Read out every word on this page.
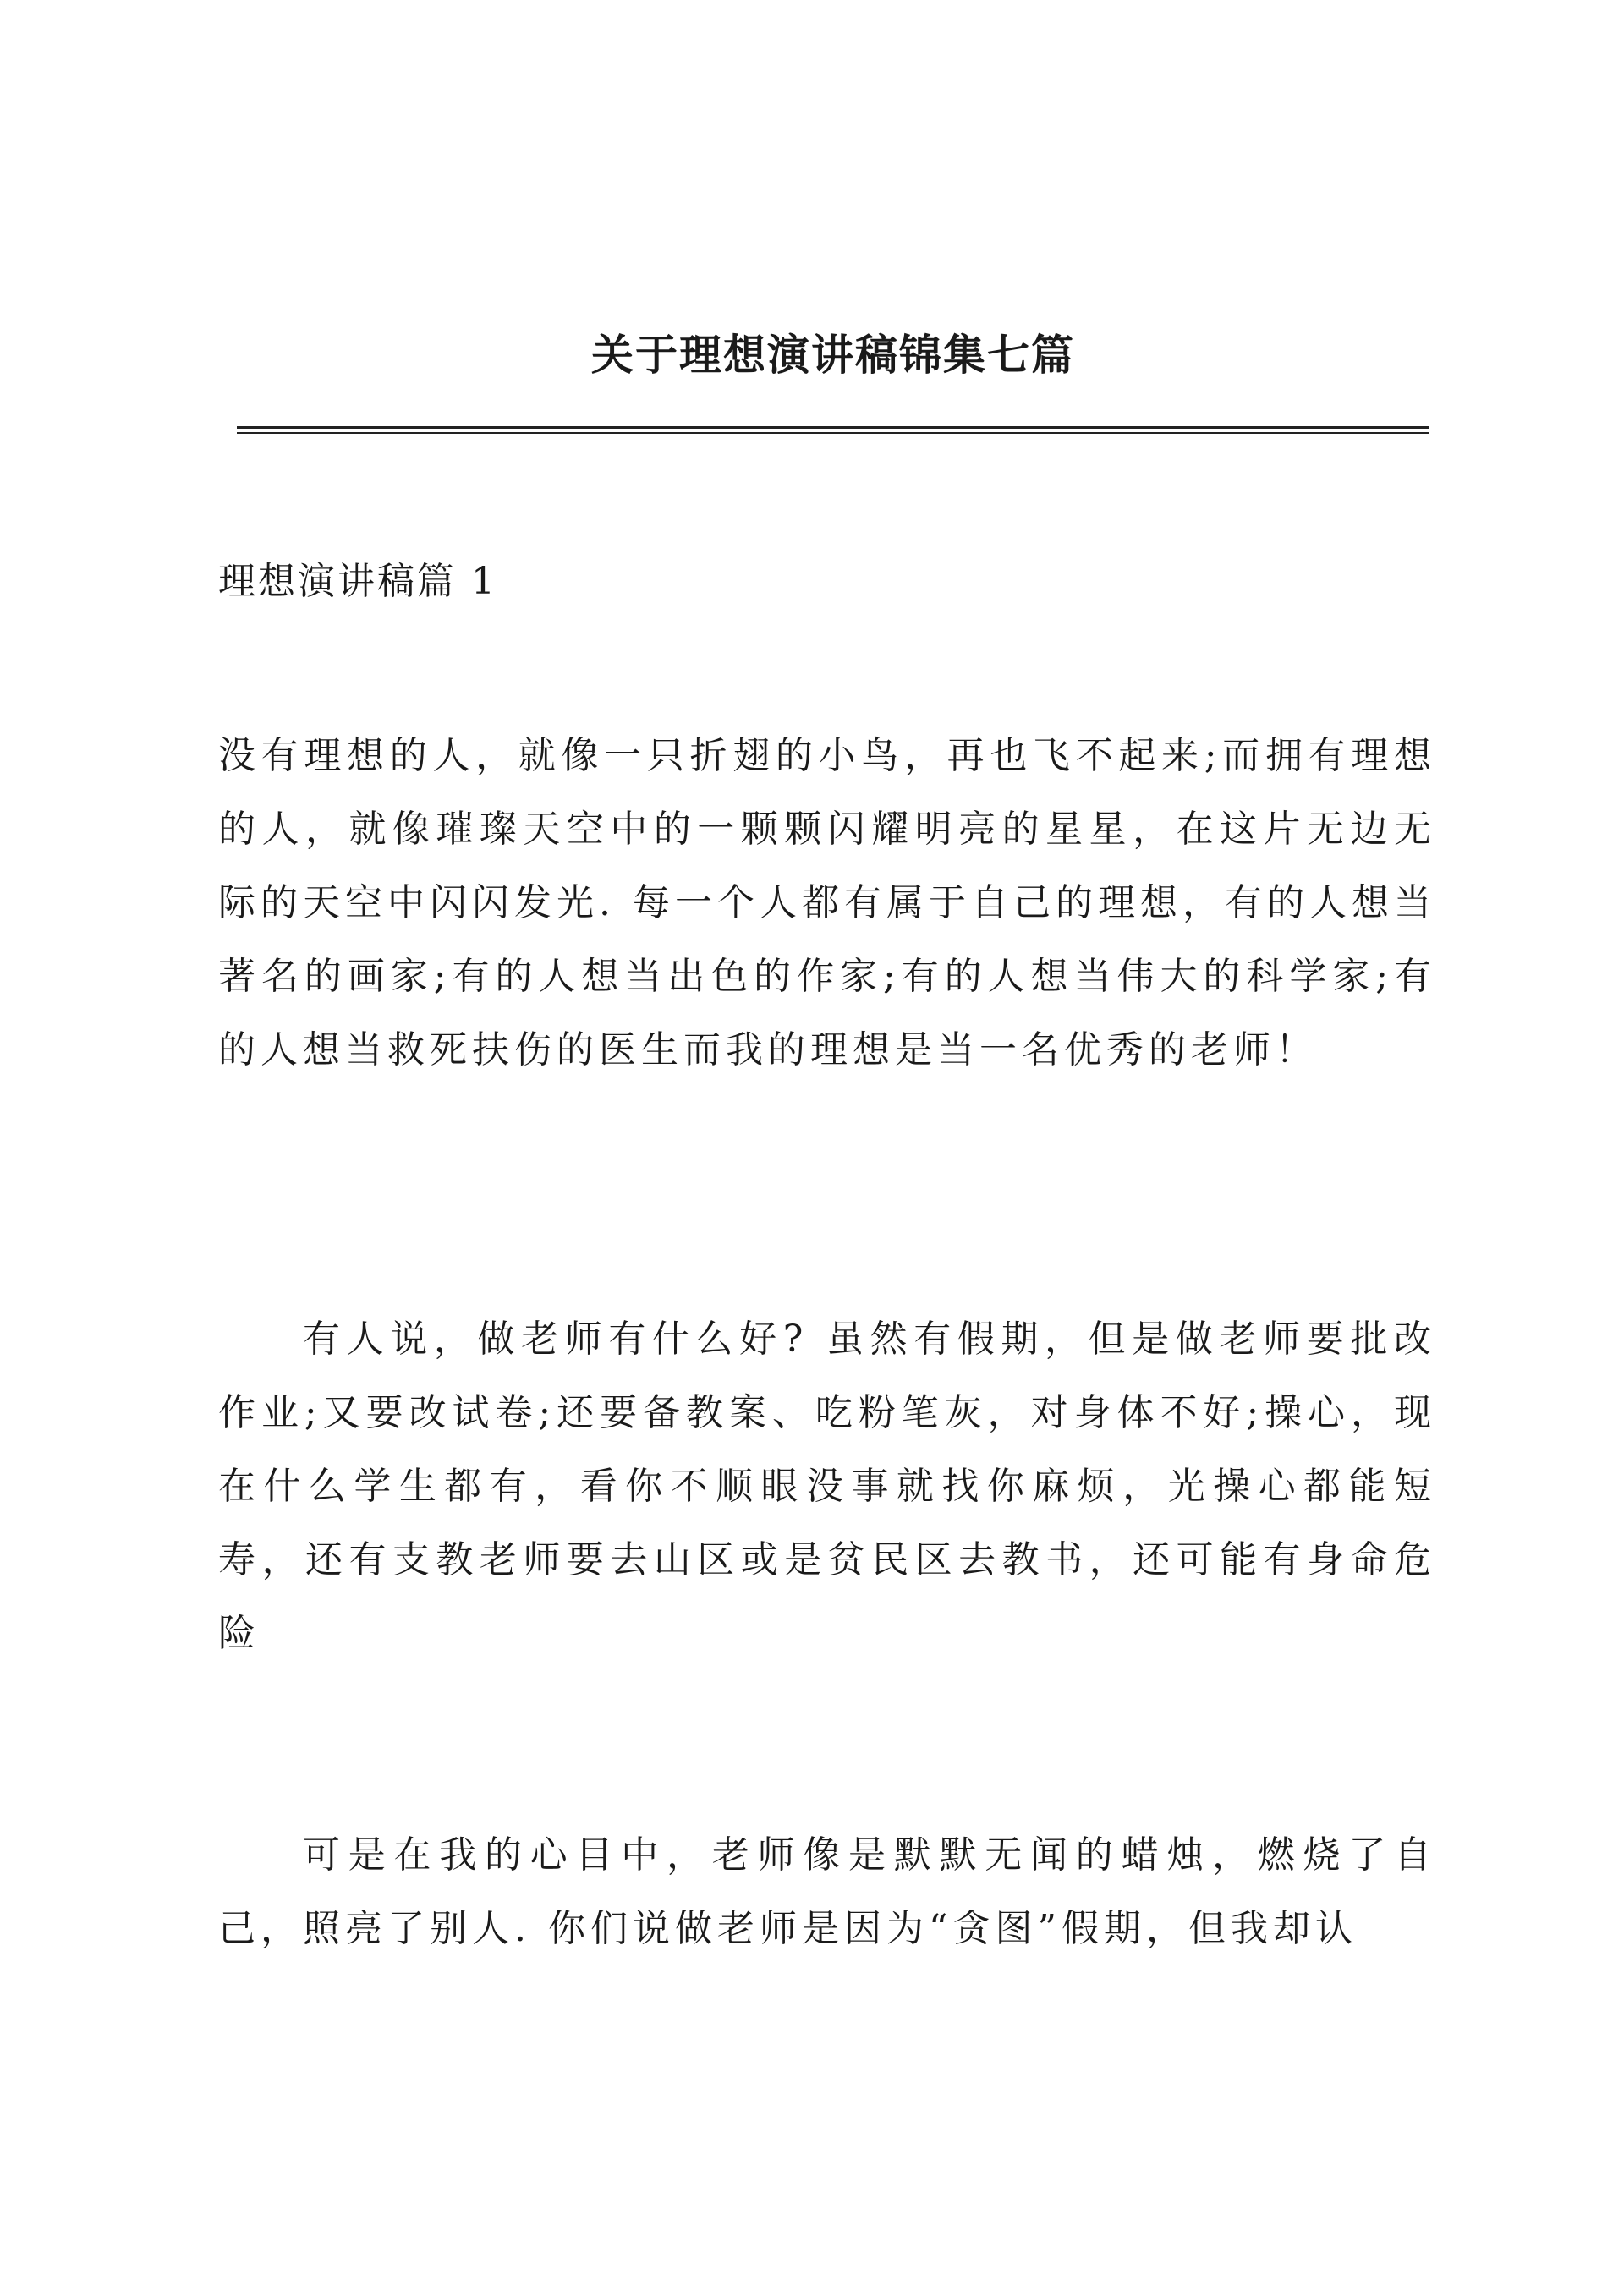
关于理想演讲稿锦集七篇
理想演讲稿篇 1

没有理想的人，就像一只折翅的小鸟，再也飞不起来;而拥有理想的人，就像璀璨天空中的一颗颗闪耀明亮的星星，在这片无边无际的天空中闪闪发光. 每一个人都有属于自己的理想，有的人想当著名的画家;有的人想当出色的作家;有的人想当伟大的科学家;有的人想当救死扶伤的医生而我的理想是当一名优秀的老师！

有人说，做老师有什么好? 虽然有假期，但是做老师要批改作业;又要改试卷;还要备教案、吃粉笔灰，对身体不好;操心，现在什么学生都有，看你不顺眼没事就找你麻烦，光操心都能短寿，还有支教老师要去山区或是贫民区去教书，还可能有身命危险

可是在我的心目中，老师像是默默无闻的蜡烛，燃烧了自己，照亮了别人. 你们说做老师是因为“贪图”假期，但我却认
